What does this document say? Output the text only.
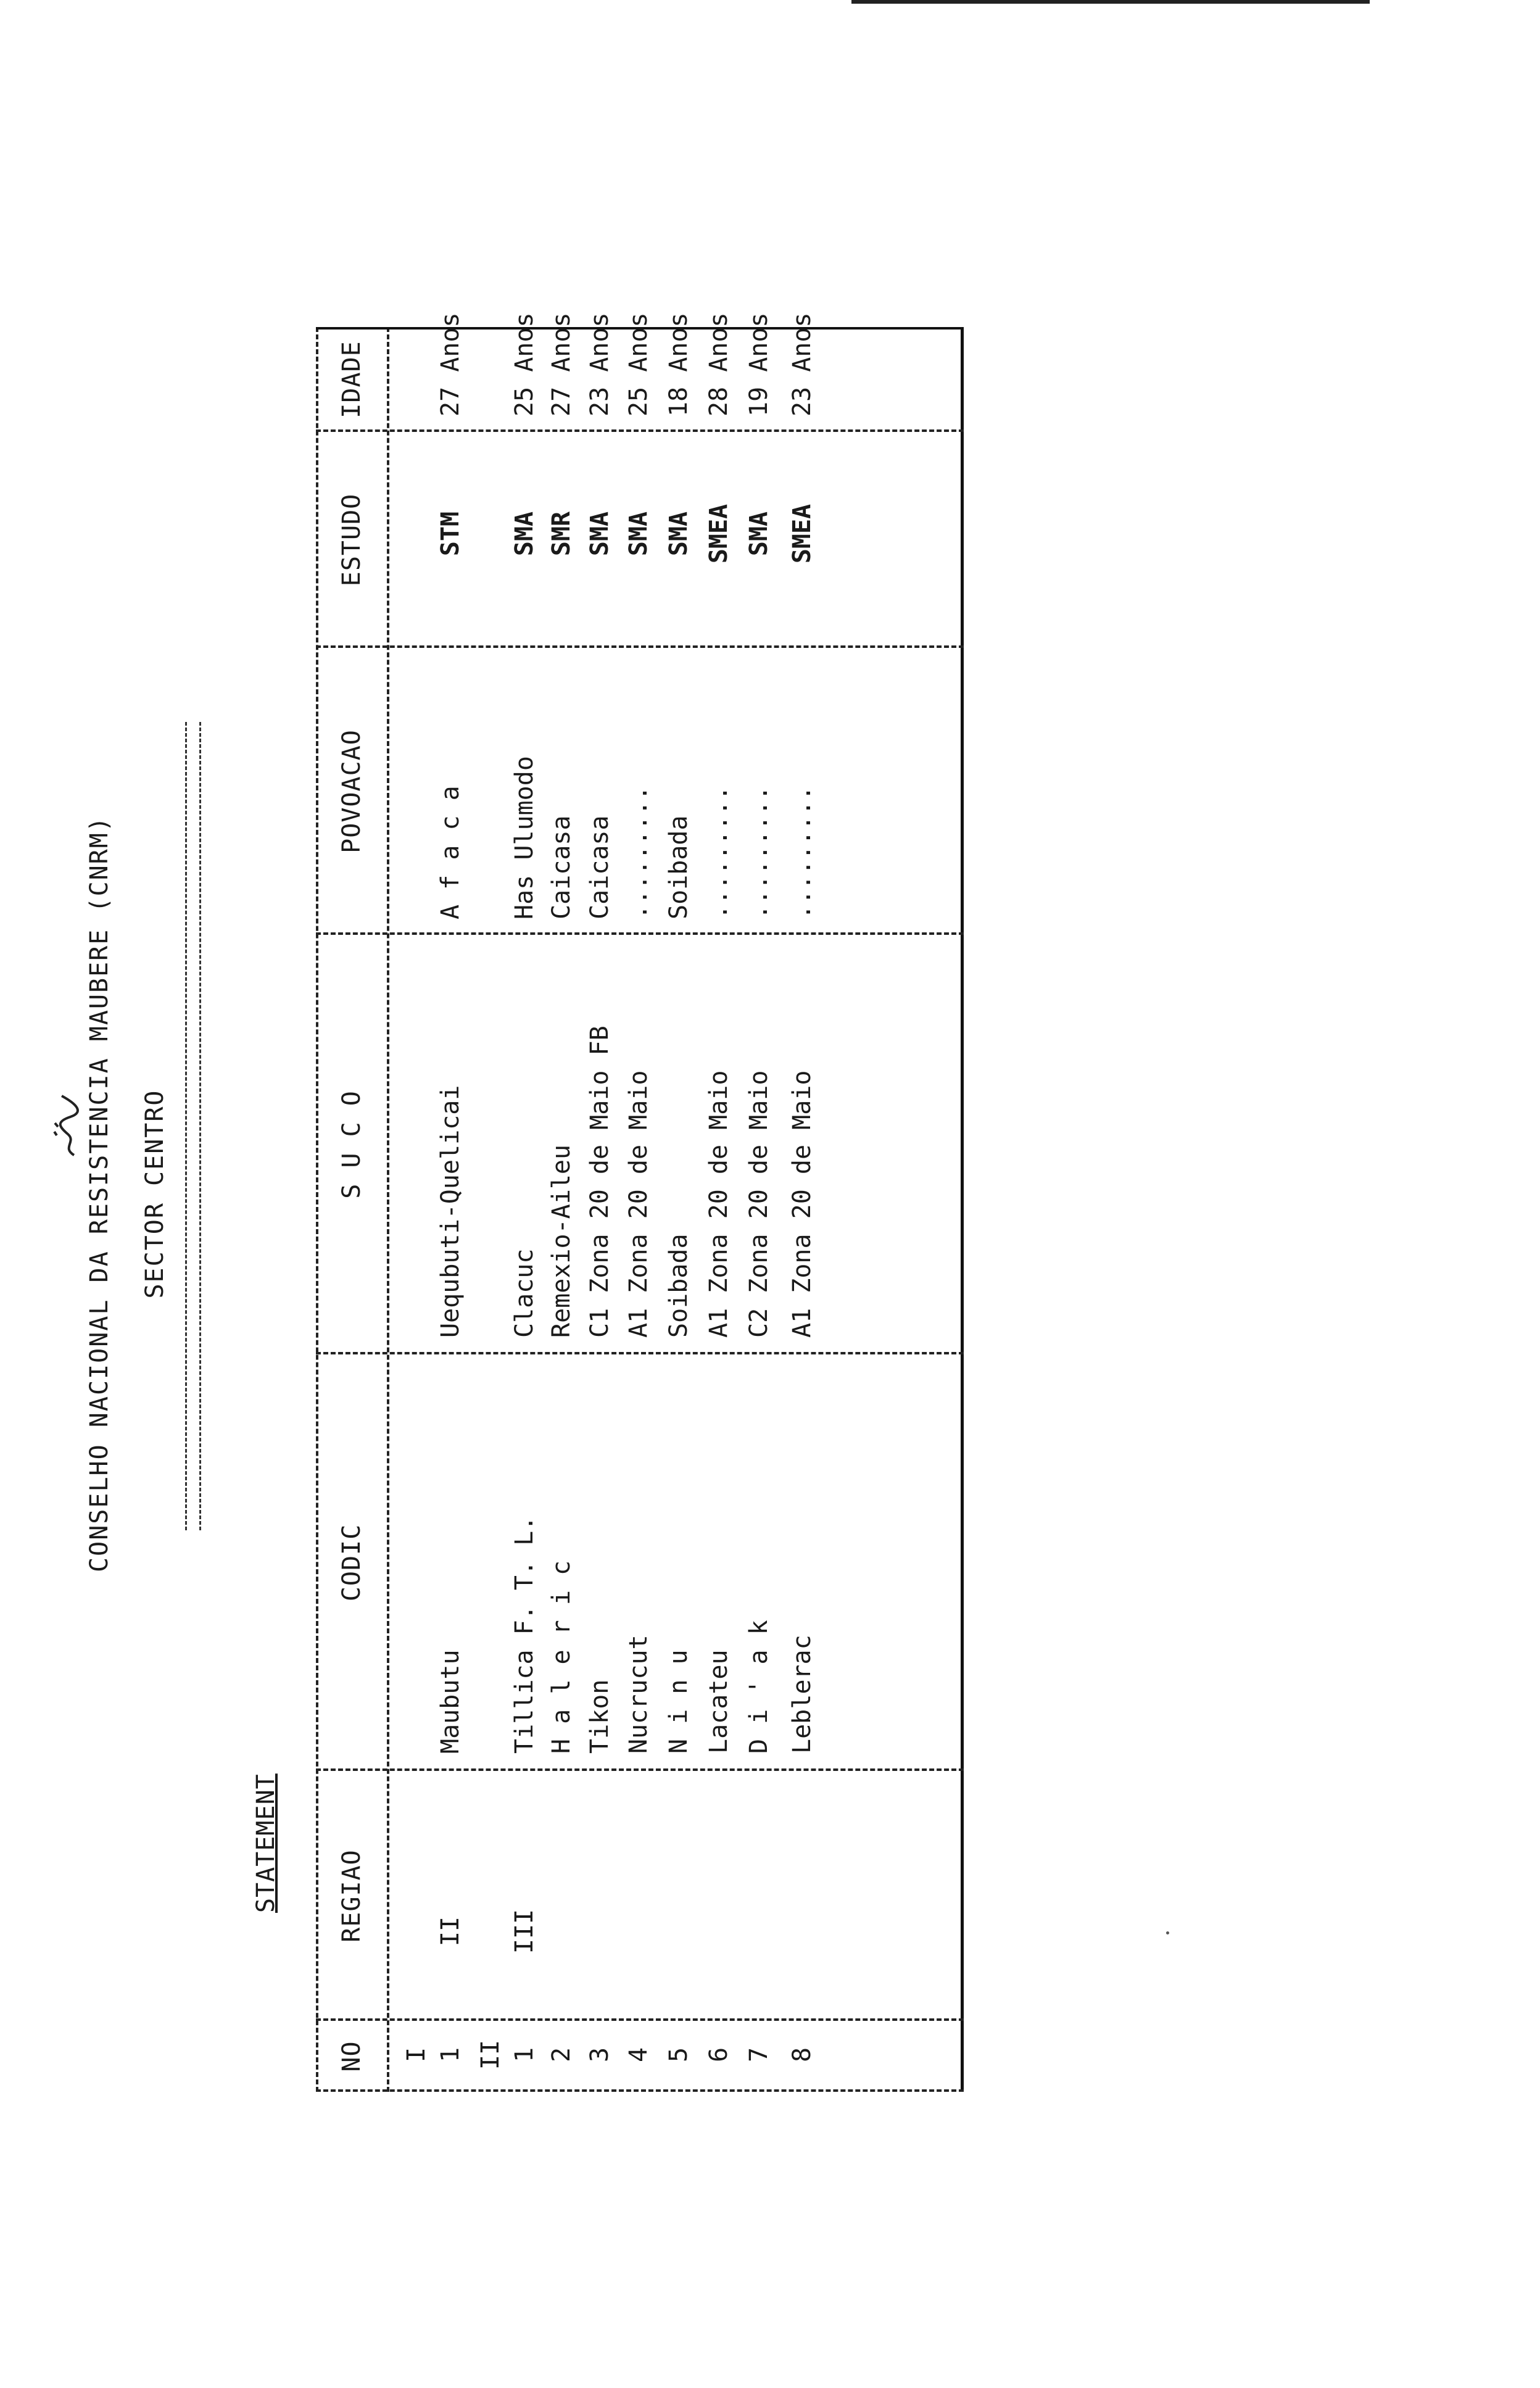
CONSELHO NACIONAL DA RESISTENCIA MAUBERE (CNRM) SECTOR CENTRO
STATEMENT
NO
REGIAO
CODIC
S U C O
POVOACAO
ESTUDO
IDADE
I 1
II
Maubutu
Uequbuti-Quelicai
A f a c a
STM
27 Anos
II 1
III
Tillica F. T. L.
Clacuc
Has Ulumodo
SMA
25 Anos
2
H a l e r i c
Remexio-Aileu
Caicasa
SMR
27 Anos
3
Tikon
C1 Zona 20 de Maio FB
Caicasa
SMA
23 Anos
4
Nucrucut
A1 Zona 20 de Maio
.........
SMA
25 Anos
5
N i n u
Soibada
Soibada
SMA
18 Anos
6
Lacateu
A1 Zona 20 de Maio
.........
SMEA
28 Anos
7
D i ' a k
C2 Zona 20 de Maio
.........
SMA
19 Anos
8
Leblerac
A1 Zona 20 de Maio
.........
SMEA
23 Anos
